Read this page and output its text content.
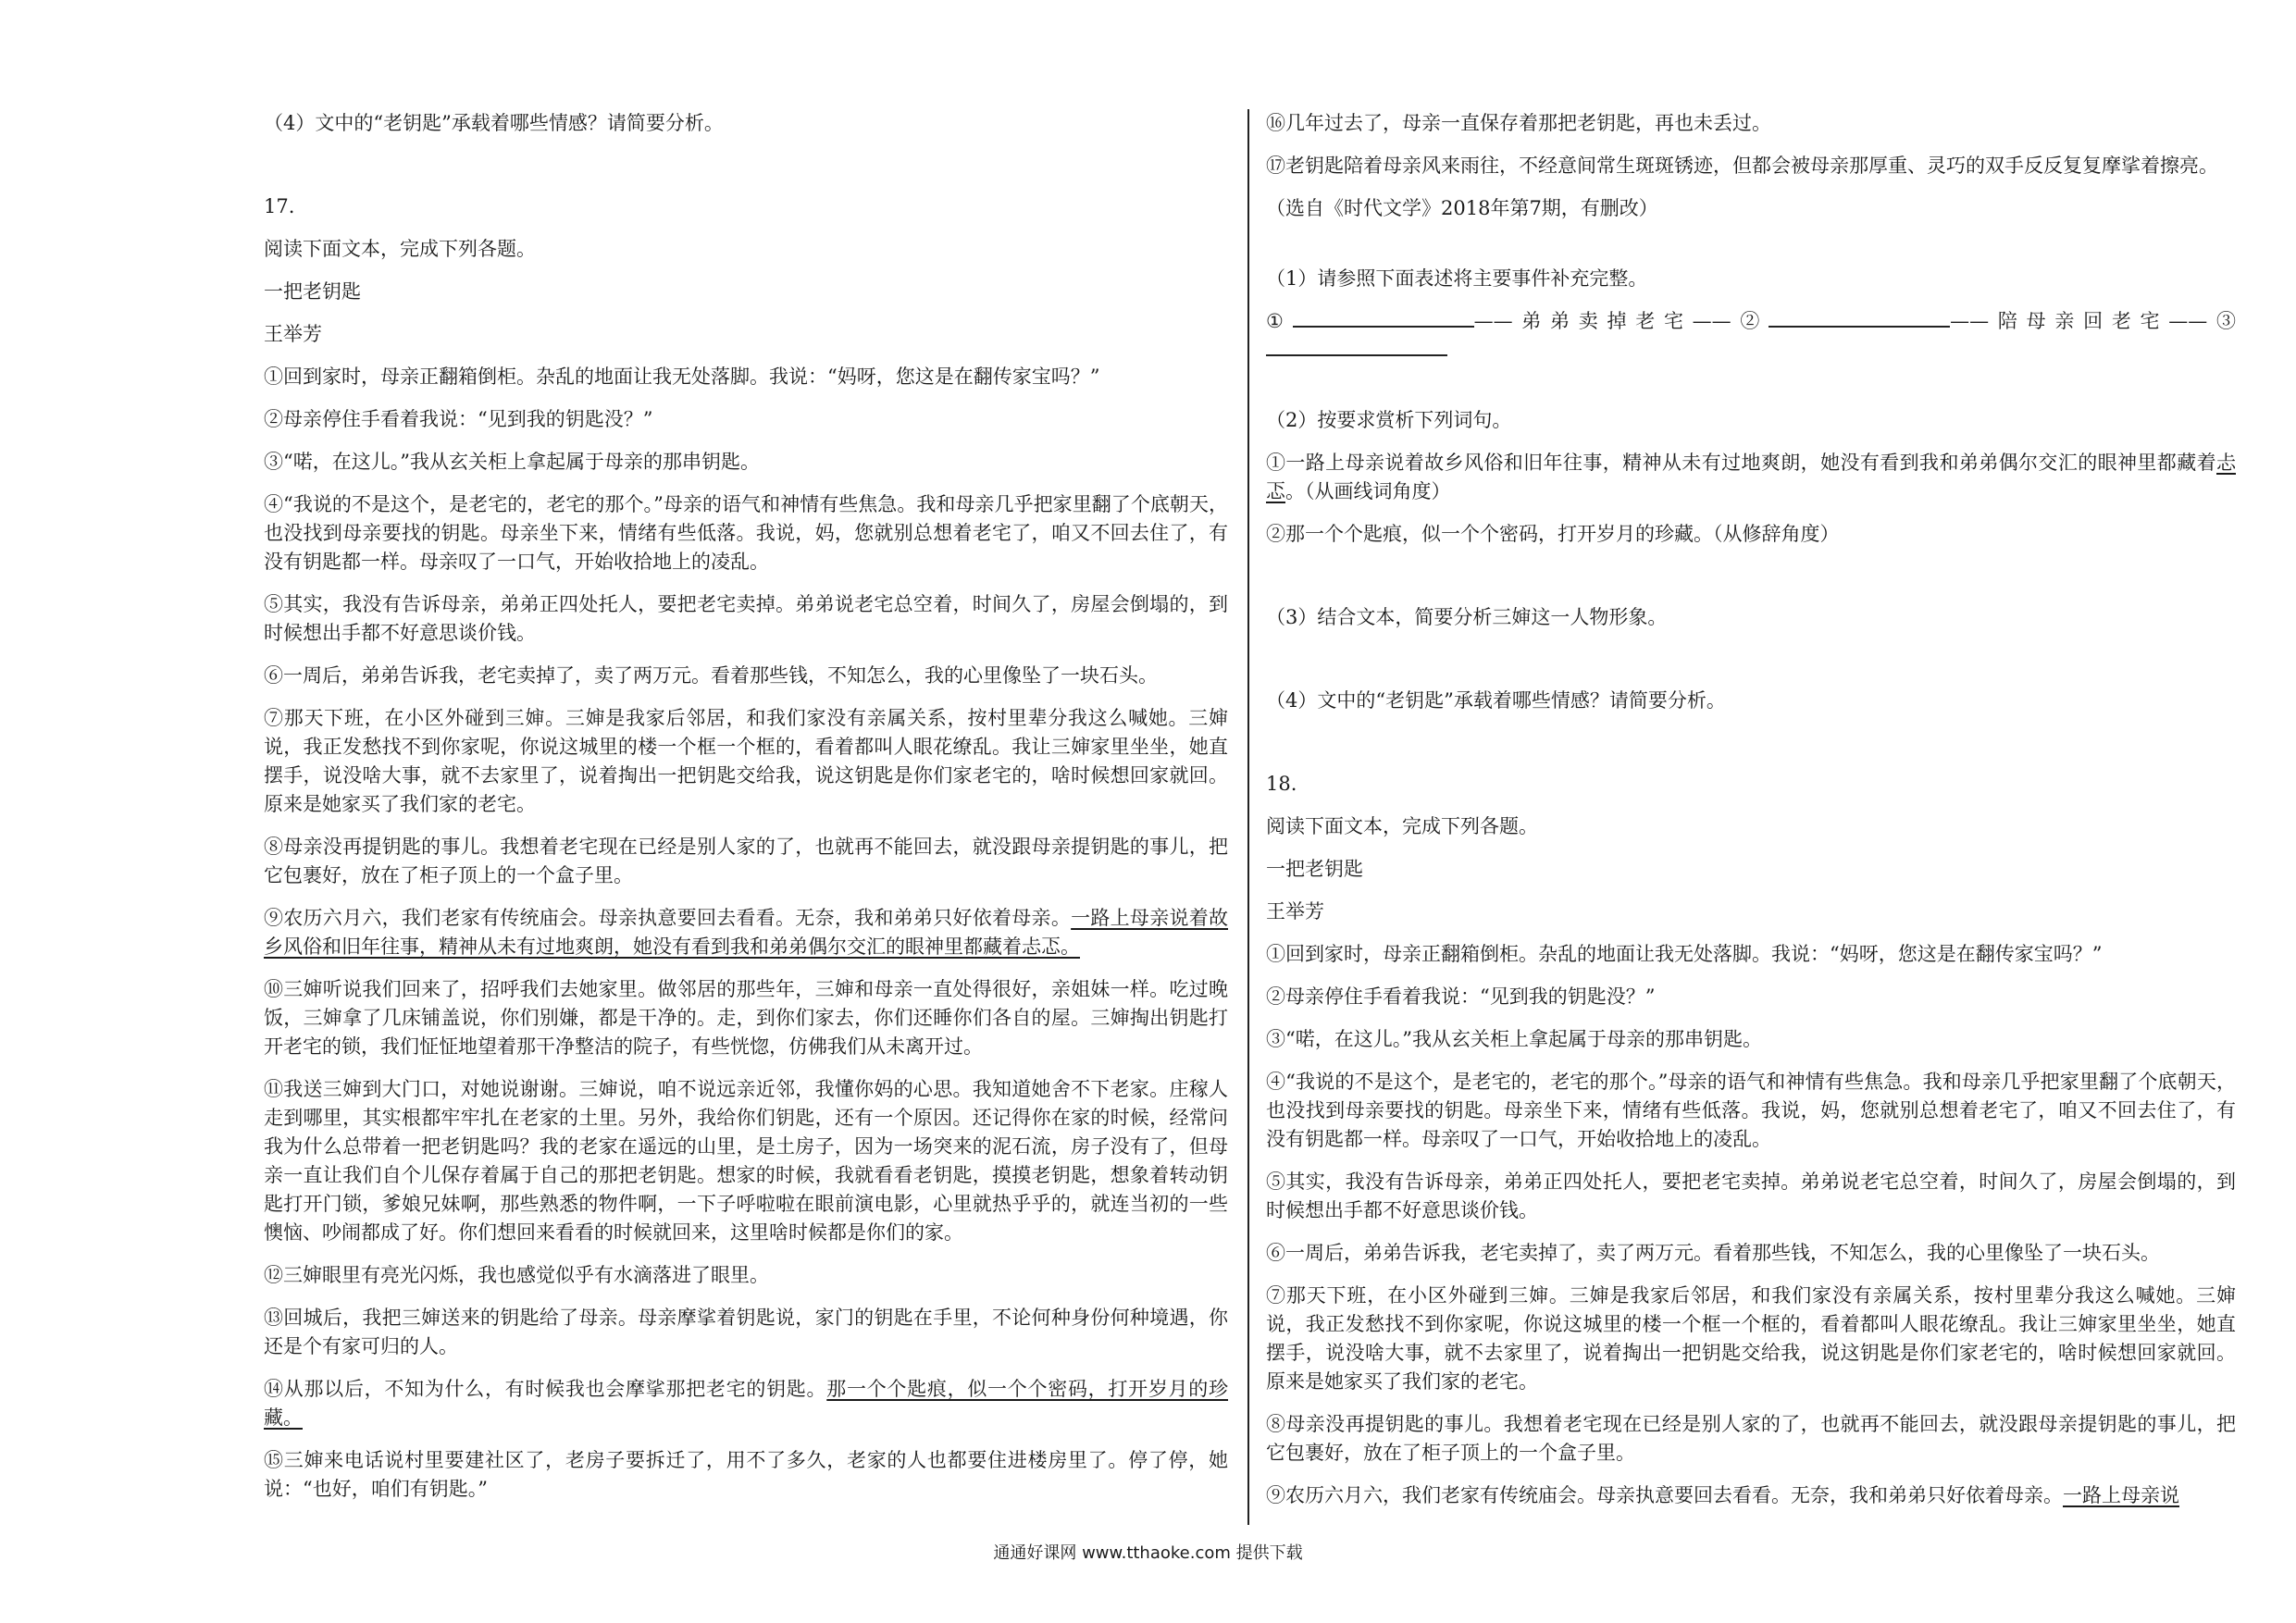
（4）文中的“老钥匙”承载着哪些情感？请简要分析。

17.

阅读下面文本，完成下列各题。

一把老钥匙

王举芳

①回到家时，母亲正翻箱倒柜。杂乱的地面让我无处落脚。我说：“妈呀，您这是在翻传家宝吗？”

②母亲停住手看着我说：“见到我的钥匙没？”

③“喏，在这儿。”我从玄关柜上拿起属于母亲的那串钥匙。

④“我说的不是这个，是老宅的，老宅的那个。”母亲的语气和神情有些焦急。我和母亲几乎把家里翻了个底朝天，也没找到母亲要找的钥匙。母亲坐下来，情绪有些低落。我说，妈，您就别总想着老宅了，咱又不回去住了，有没有钥匙都一样。母亲叹了一口气，开始收拾地上的凌乱。

⑤其实，我没有告诉母亲，弟弟正四处托人，要把老宅卖掉。弟弟说老宅总空着，时间久了，房屋会倒塌的，到时候想出手都不好意思谈价钱。

⑥一周后，弟弟告诉我，老宅卖掉了，卖了两万元。看着那些钱，不知怎么，我的心里像坠了一块石头。

⑦那天下班，在小区外碰到三婶。三婶是我家后邻居，和我们家没有亲属关系，按村里辈分我这么喊她。三婶说，我正发愁找不到你家呢，你说这城里的楼一个框一个框的，看着都叫人眼花缭乱。我让三婶家里坐坐，她直摆手，说没啥大事，就不去家里了，说着掏出一把钥匙交给我，说这钥匙是你们家老宅的，啥时候想回家就回。原来是她家买了我们家的老宅。

⑧母亲没再提钥匙的事儿。我想着老宅现在已经是别人家的了，也就再不能回去，就没跟母亲提钥匙的事儿，把它包裹好，放在了柜子顶上的一个盒子里。

⑨农历六月六，我们老家有传统庙会。母亲执意要回去看看。无奈，我和弟弟只好依着母亲。一路上母亲说着故乡风俗和旧年往事，精神从未有过地爽朗，她没有看到我和弟弟偶尔交汇的眼神里都藏着忐忑。

⑩三婶听说我们回来了，招呼我们去她家里。做邻居的那些年，三婶和母亲一直处得很好，亲姐妹一样。吃过晚饭，三婶拿了几床铺盖说，你们别嫌，都是干净的。走，到你们家去，你们还睡你们各自的屋。三婶掏出钥匙打开老宅的锁，我们怔怔地望着那干净整洁的院子，有些恍惚，仿佛我们从未离开过。

⑪我送三婶到大门口，对她说谢谢。三婶说，咱不说远亲近邻，我懂你妈的心思。我知道她舍不下老家。庄稼人走到哪里，其实根都牢牢扎在老家的土里。另外，我给你们钥匙，还有一个原因。还记得你在家的时候，经常问我为什么总带着一把老钥匙吗？我的老家在遥远的山里，是土房子，因为一场突来的泥石流，房子没有了，但母亲一直让我们自个儿保存着属于自己的那把老钥匙。想家的时候，我就看看老钥匙，摸摸老钥匙，想象着转动钥匙打开门锁，爹娘兄妹啊，那些熟悉的物件啊，一下子呼啦啦在眼前演电影，心里就热乎乎的，就连当初的一些懊恼、吵闹都成了好。你们想回来看看的时候就回来，这里啥时候都是你们的家。

⑫三婶眼里有亮光闪烁，我也感觉似乎有水滴落进了眼里。

⑬回城后，我把三婶送来的钥匙给了母亲。母亲摩挲着钥匙说，家门的钥匙在手里，不论何种身份何种境遇，你还是个有家可归的人。

⑭从那以后，不知为什么，有时候我也会摩挲那把老宅的钥匙。那一个个匙痕，似一个个密码，打开岁月的珍藏。

⑮三婶来电话说村里要建社区了，老房子要拆迁了，用不了多久，老家的人也都要住进楼房里了。停了停，她说：“也好，咱们有钥匙。”

⑯几年过去了，母亲一直保存着那把老钥匙，再也未丢过。

⑰老钥匙陪着母亲风来雨往，不经意间常生斑斑锈迹，但都会被母亲那厚重、灵巧的双手反反复复摩挲着擦亮。

（选自《时代文学》2018年第7期，有删改）

（1）请参照下面表述将主要事件补充完整。

①	——弟弟卖掉老宅——②	——陪母亲回老宅——③

（2）按要求赏析下列词句。

①一路上母亲说着故乡风俗和旧年往事，精神从未有过地爽朗，她没有看到我和弟弟偶尔交汇的眼神里都藏着忐忑。（从画线词角度）

②那一个个匙痕，似一个个密码，打开岁月的珍藏。（从修辞角度）

（3）结合文本，简要分析三婶这一人物形象。

（4）文中的“老钥匙”承载着哪些情感？请简要分析。

18.

阅读下面文本，完成下列各题。

一把老钥匙

王举芳

①回到家时，母亲正翻箱倒柜。杂乱的地面让我无处落脚。我说：“妈呀，您这是在翻传家宝吗？”

②母亲停住手看着我说：“见到我的钥匙没？”

③“喏，在这儿。”我从玄关柜上拿起属于母亲的那串钥匙。

④“我说的不是这个，是老宅的，老宅的那个。”母亲的语气和神情有些焦急。我和母亲几乎把家里翻了个底朝天，也没找到母亲要找的钥匙。母亲坐下来，情绪有些低落。我说，妈，您就别总想着老宅了，咱又不回去住了，有没有钥匙都一样。母亲叹了一口气，开始收拾地上的凌乱。

⑤其实，我没有告诉母亲，弟弟正四处托人，要把老宅卖掉。弟弟说老宅总空着，时间久了，房屋会倒塌的，到时候想出手都不好意思谈价钱。

⑥一周后，弟弟告诉我，老宅卖掉了，卖了两万元。看着那些钱，不知怎么，我的心里像坠了一块石头。

⑦那天下班，在小区外碰到三婶。三婶是我家后邻居，和我们家没有亲属关系，按村里辈分我这么喊她。三婶说，我正发愁找不到你家呢，你说这城里的楼一个框一个框的，看着都叫人眼花缭乱。我让三婶家里坐坐，她直摆手，说没啥大事，就不去家里了，说着掏出一把钥匙交给我，说这钥匙是你们家老宅的，啥时候想回家就回。原来是她家买了我们家的老宅。

⑧母亲没再提钥匙的事儿。我想着老宅现在已经是别人家的了，也就再不能回去，就没跟母亲提钥匙的事儿，把它包裹好，放在了柜子顶上的一个盒子里。

⑨农历六月六，我们老家有传统庙会。母亲执意要回去看看。无奈，我和弟弟只好依着母亲。一路上母亲说

通通好课网 www.tthaoke.com 提供下载
